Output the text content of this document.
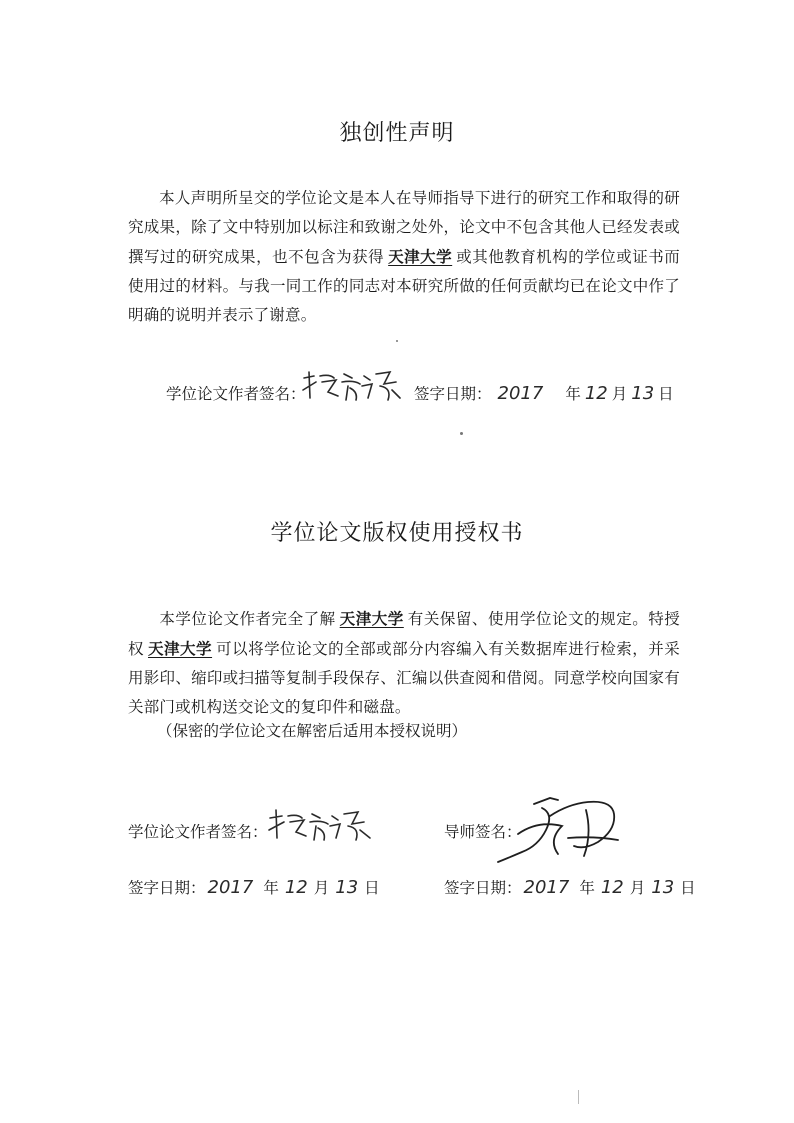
独创性声明
本人声明所呈交的学位论文是本人在导师指导下进行的研究工作和取得的研究成果，除了文中特别加以标注和致谢之处外，论文中不包含其他人已经发表或撰写过的研究成果，也不包含为获得 天津大学 或其他教育机构的学位或证书而使用过的材料。与我一同工作的同志对本研究所做的任何贡献均已在论文中作了明确的说明并表示了谢意。
学位论文作者签名：	签字日期： 2017 年 12 月 13 日
学位论文版权使用授权书
本学位论文作者完全了解 天津大学 有关保留、使用学位论文的规定。特授权 天津大学 可以将学位论文的全部或部分内容编入有关数据库进行检索，并采用影印、缩印或扫描等复制手段保存、汇编以供查阅和借阅。同意学校向国家有关部门或机构送交论文的复印件和磁盘。
（保密的学位论文在解密后适用本授权说明）
学位论文作者签名：	导师签名：
签字日期： 2017 年 12 月 13 日	签字日期： 2017 年 12 月 13 日
